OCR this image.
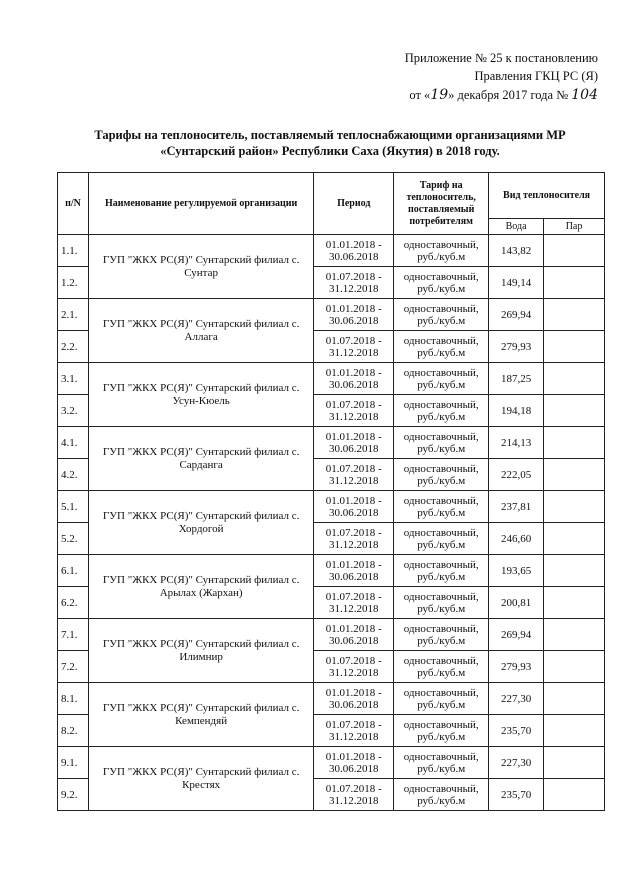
Приложение № 25 к постановлению
Правления ГКЦ РС (Я)
от «19» декабря 2017 года № 104
Тарифы на теплоноситель, поставляемый теплоснабжающими организациями МР
«Сунтарский район» Республики Саха (Якутия) в 2018 году.
п/N	Наименование регулируемой организации	Период	Тариф на теплоноситель, поставляемый потребителям	Вид теплоносителя	
				Вода	Пар
1.1.	ГУП "ЖКХ РС(Я)" Сунтарский филиал с. Сунтар	01.01.2018 - 30.06.2018	одноставочный, руб./куб.м	143,82	
1.2.		01.07.2018 - 31.12.2018	одноставочный, руб./куб.м	149,14	
2.1.	ГУП "ЖКХ РС(Я)" Сунтарский филиал с. Аллага	01.01.2018 - 30.06.2018	одноставочный, руб./куб.м	269,94	
2.2.		01.07.2018 - 31.12.2018	одноставочный, руб./куб.м	279,93	
3.1.	ГУП "ЖКХ РС(Я)" Сунтарский филиал с. Усун-Кюель	01.01.2018 - 30.06.2018	одноставочный, руб./куб.м	187,25	
3.2.		01.07.2018 - 31.12.2018	одноставочный, руб./куб.м	194,18	
4.1.	ГУП "ЖКХ РС(Я)" Сунтарский филиал с. Сарданга	01.01.2018 - 30.06.2018	одноставочный, руб./куб.м	214,13	
4.2.		01.07.2018 - 31.12.2018	одноставочный, руб./куб.м	222,05	
5.1.	ГУП "ЖКХ РС(Я)" Сунтарский филиал с. Хордогой	01.01.2018 - 30.06.2018	одноставочный, руб./куб.м	237,81	
5.2.		01.07.2018 - 31.12.2018	одноставочный, руб./куб.м	246,60	
6.1.	ГУП "ЖКХ РС(Я)" Сунтарский филиал с. Арылах (Жархан)	01.01.2018 - 30.06.2018	одноставочный, руб./куб.м	193,65	
6.2.		01.07.2018 - 31.12.2018	одноставочный, руб./куб.м	200,81	
7.1.	ГУП "ЖКХ РС(Я)" Сунтарский филиал с. Илимнир	01.01.2018 - 30.06.2018	одноставочный, руб./куб.м	269,94	
7.2.		01.07.2018 - 31.12.2018	одноставочный, руб./куб.м	279,93	
8.1.	ГУП "ЖКХ РС(Я)" Сунтарский филиал с. Кемпендяй	01.01.2018 - 30.06.2018	одноставочный, руб./куб.м	227,30	
8.2.		01.07.2018 - 31.12.2018	одноставочный, руб./куб.м	235,70	
9.1.	ГУП "ЖКХ РС(Я)" Сунтарский филиал с. Крестях	01.01.2018 - 30.06.2018	одноставочный, руб./куб.м	227,30	
9.2.		01.07.2018 - 31.12.2018	одноставочный, руб./куб.м	235,70	
